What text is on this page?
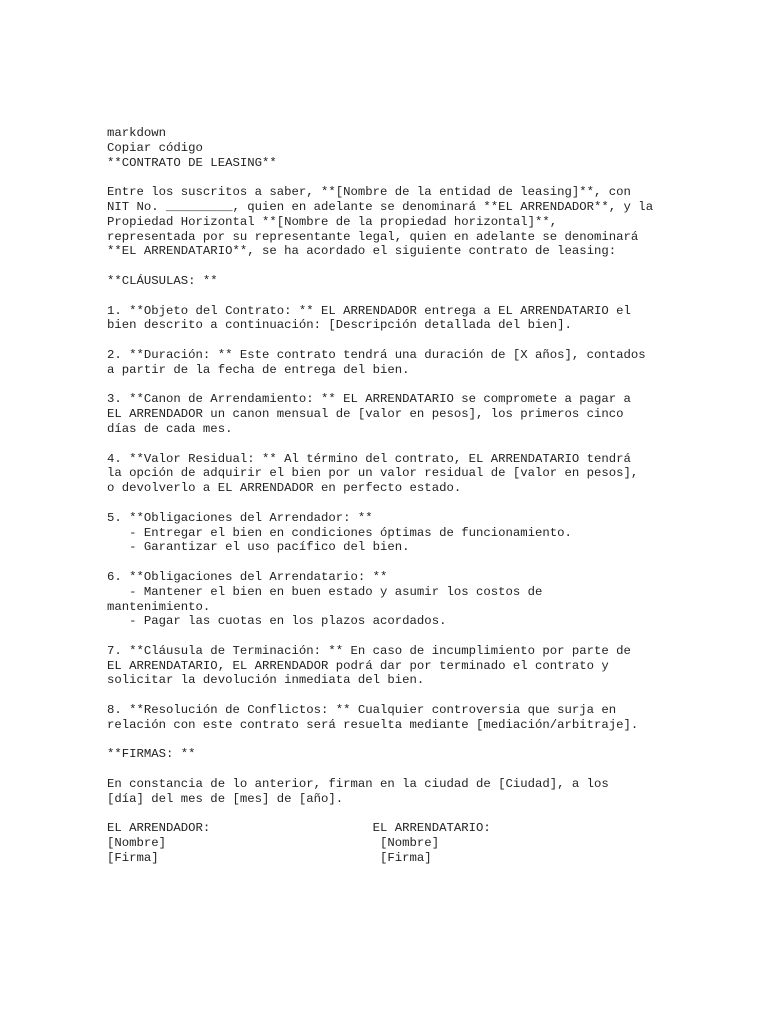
markdown
Copiar código
**CONTRATO DE LEASING**
Entre los suscritos a saber, **[Nombre de la entidad de leasing]**, con
NIT No. _________, quien en adelante se denominará **EL ARRENDADOR**, y la
Propiedad Horizontal **[Nombre de la propiedad horizontal]**,
representada por su representante legal, quien en adelante se denominará
**EL ARRENDATARIO**, se ha acordado el siguiente contrato de leasing:
**CLÁUSULAS: **
1. **Objeto del Contrato: ** EL ARRENDADOR entrega a EL ARRENDATARIO el
bien descrito a continuación: [Descripción detallada del bien].
2. **Duración: ** Este contrato tendrá una duración de [X años], contados
a partir de la fecha de entrega del bien.
3. **Canon de Arrendamiento: ** EL ARRENDATARIO se compromete a pagar a
EL ARRENDADOR un canon mensual de [valor en pesos], los primeros cinco
días de cada mes.
4. **Valor Residual: ** Al término del contrato, EL ARRENDATARIO tendrá
la opción de adquirir el bien por un valor residual de [valor en pesos],
o devolverlo a EL ARRENDADOR en perfecto estado.
5. **Obligaciones del Arrendador: **
- Entregar el bien en condiciones óptimas de funcionamiento.
- Garantizar el uso pacífico del bien.
6. **Obligaciones del Arrendatario: **
- Mantener el bien en buen estado y asumir los costos de
mantenimiento.
- Pagar las cuotas en los plazos acordados.
7. **Cláusula de Terminación: ** En caso de incumplimiento por parte de
EL ARRENDATARIO, EL ARRENDADOR podrá dar por terminado el contrato y
solicitar la devolución inmediata del bien.
8. **Resolución de Conflictos: ** Cualquier controversia que surja en
relación con este contrato será resuelta mediante [mediación/arbitraje].
**FIRMAS: **
En constancia de lo anterior, firman en la ciudad de [Ciudad], a los
[día] del mes de [mes] de [año].
EL ARRENDADOR:                      EL ARRENDATARIO:
[Nombre]                             [Nombre]
[Firma]                              [Firma]
